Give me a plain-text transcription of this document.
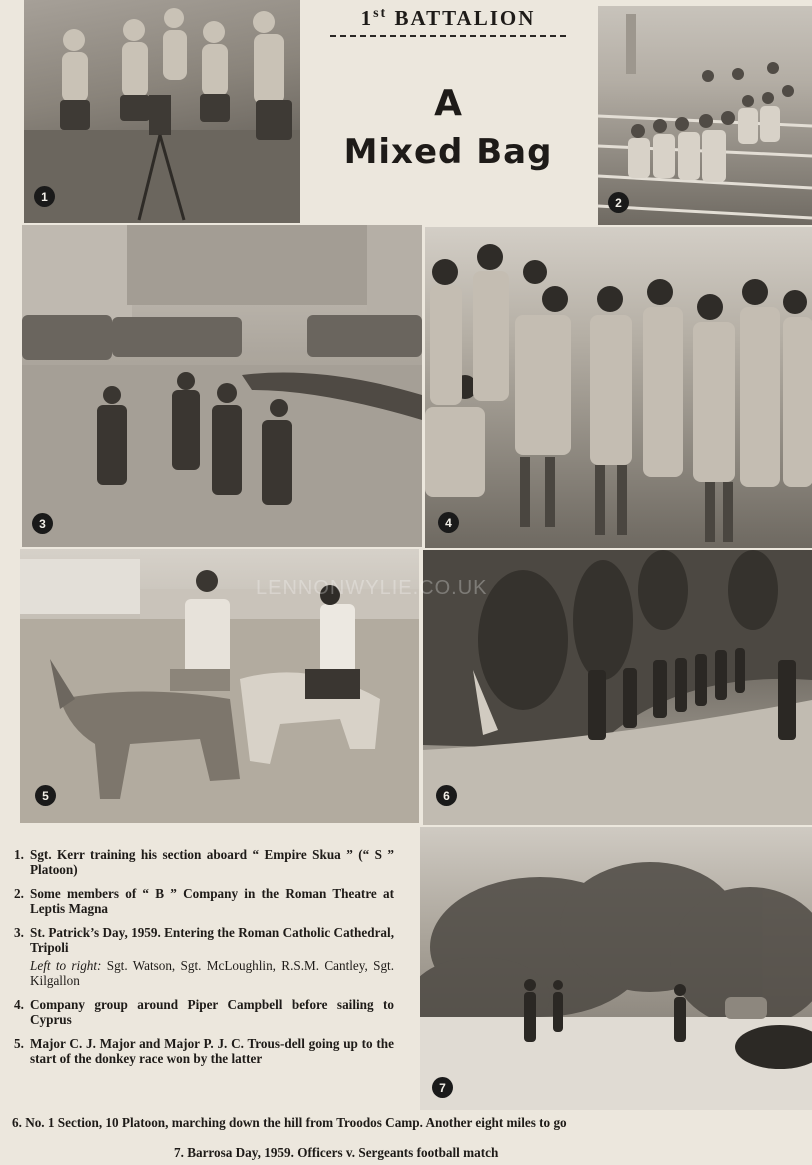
1st BATTALION
A
Mixed Bag
1	2
3	4
5	6
7
LENNONWYLIE.CO.UK
1. Sgt. Kerr training his section aboard “ Empire Skua ” (“ S ” Platoon)
2. Some members of “ B ” Company in the Roman Theatre at Leptis Magna
3. St. Patrick’s Day, 1959. Entering the Roman Catholic Cathedral, Tripoli
Left to right: Sgt. Watson, Sgt. McLoughlin, R.S.M. Cantley, Sgt. Kilgallon
4. Company group around Piper Campbell before sailing to Cyprus
5. Major C. J. Major and Major P. J. C. Trous-dell going up to the start of the donkey race won by the latter
6. No. 1 Section, 10 Platoon, marching down the hill from Troodos Camp. Another eight miles to go
7. Barrosa Day, 1959. Officers v. Sergeants football match
